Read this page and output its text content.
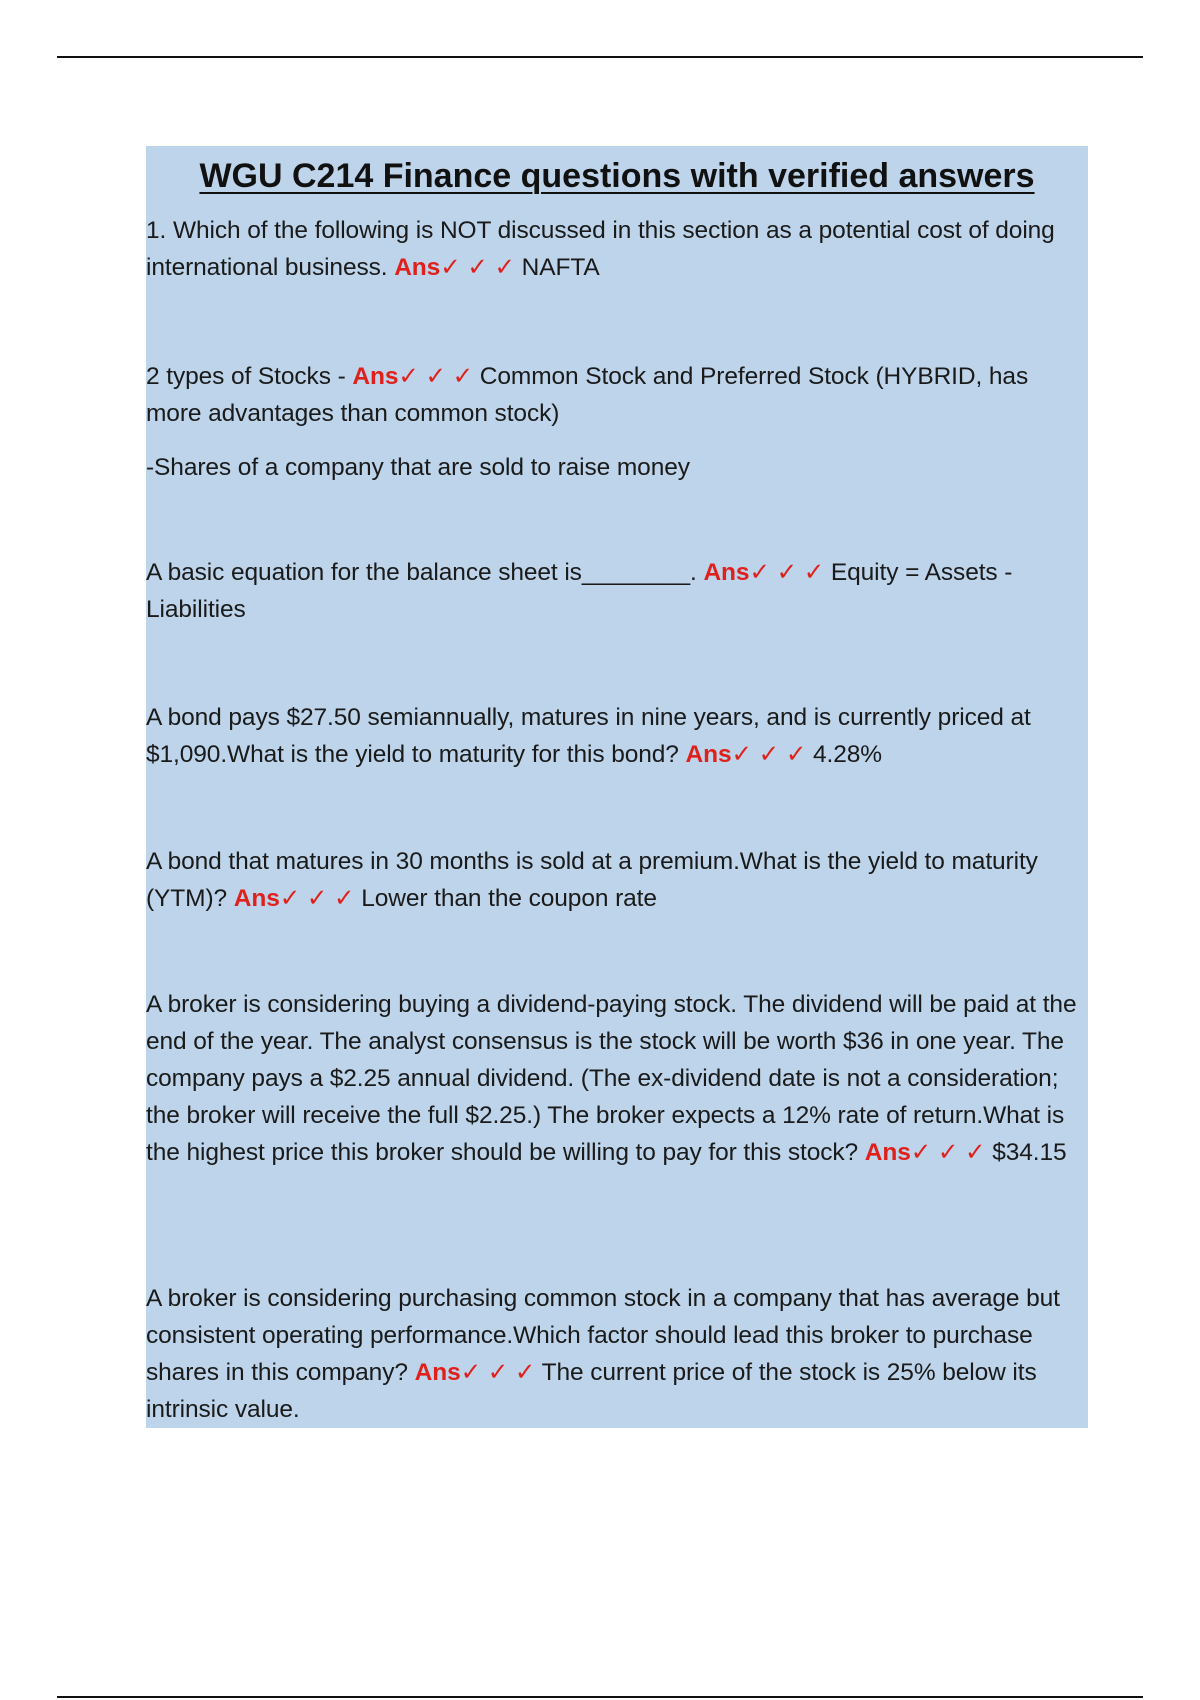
WGU C214 Finance questions with verified answers

1. Which of the following is NOT discussed in this section as a potential cost of doing international business. Ans✓ ✓ ✓ NAFTA

2 types of Stocks - Ans✓ ✓ ✓ Common Stock and Preferred Stock (HYBRID, has more advantages than common stock)

-Shares of a company that are sold to raise money

A basic equation for the balance sheet is________. Ans✓ ✓ ✓ Equity = Assets - Liabilities

A bond pays $27.50 semiannually, matures in nine years, and is currently priced at $1,090.What is the yield to maturity for this bond? Ans✓ ✓ ✓ 4.28%

A bond that matures in 30 months is sold at a premium.What is the yield to maturity (YTM)? Ans✓ ✓ ✓ Lower than the coupon rate

A broker is considering buying a dividend-paying stock. The dividend will be paid at the end of the year. The analyst consensus is the stock will be worth $36 in one year. The company pays a $2.25 annual dividend. (The ex-dividend date is not a consideration; the broker will receive the full $2.25.) The broker expects a 12% rate of return.What is the highest price this broker should be willing to pay for this stock? Ans✓ ✓ ✓ $34.15

A broker is considering purchasing common stock in a company that has average but consistent operating performance.Which factor should lead this broker to purchase shares in this company? Ans✓ ✓ ✓ The current price of the stock is 25% below its intrinsic value.
